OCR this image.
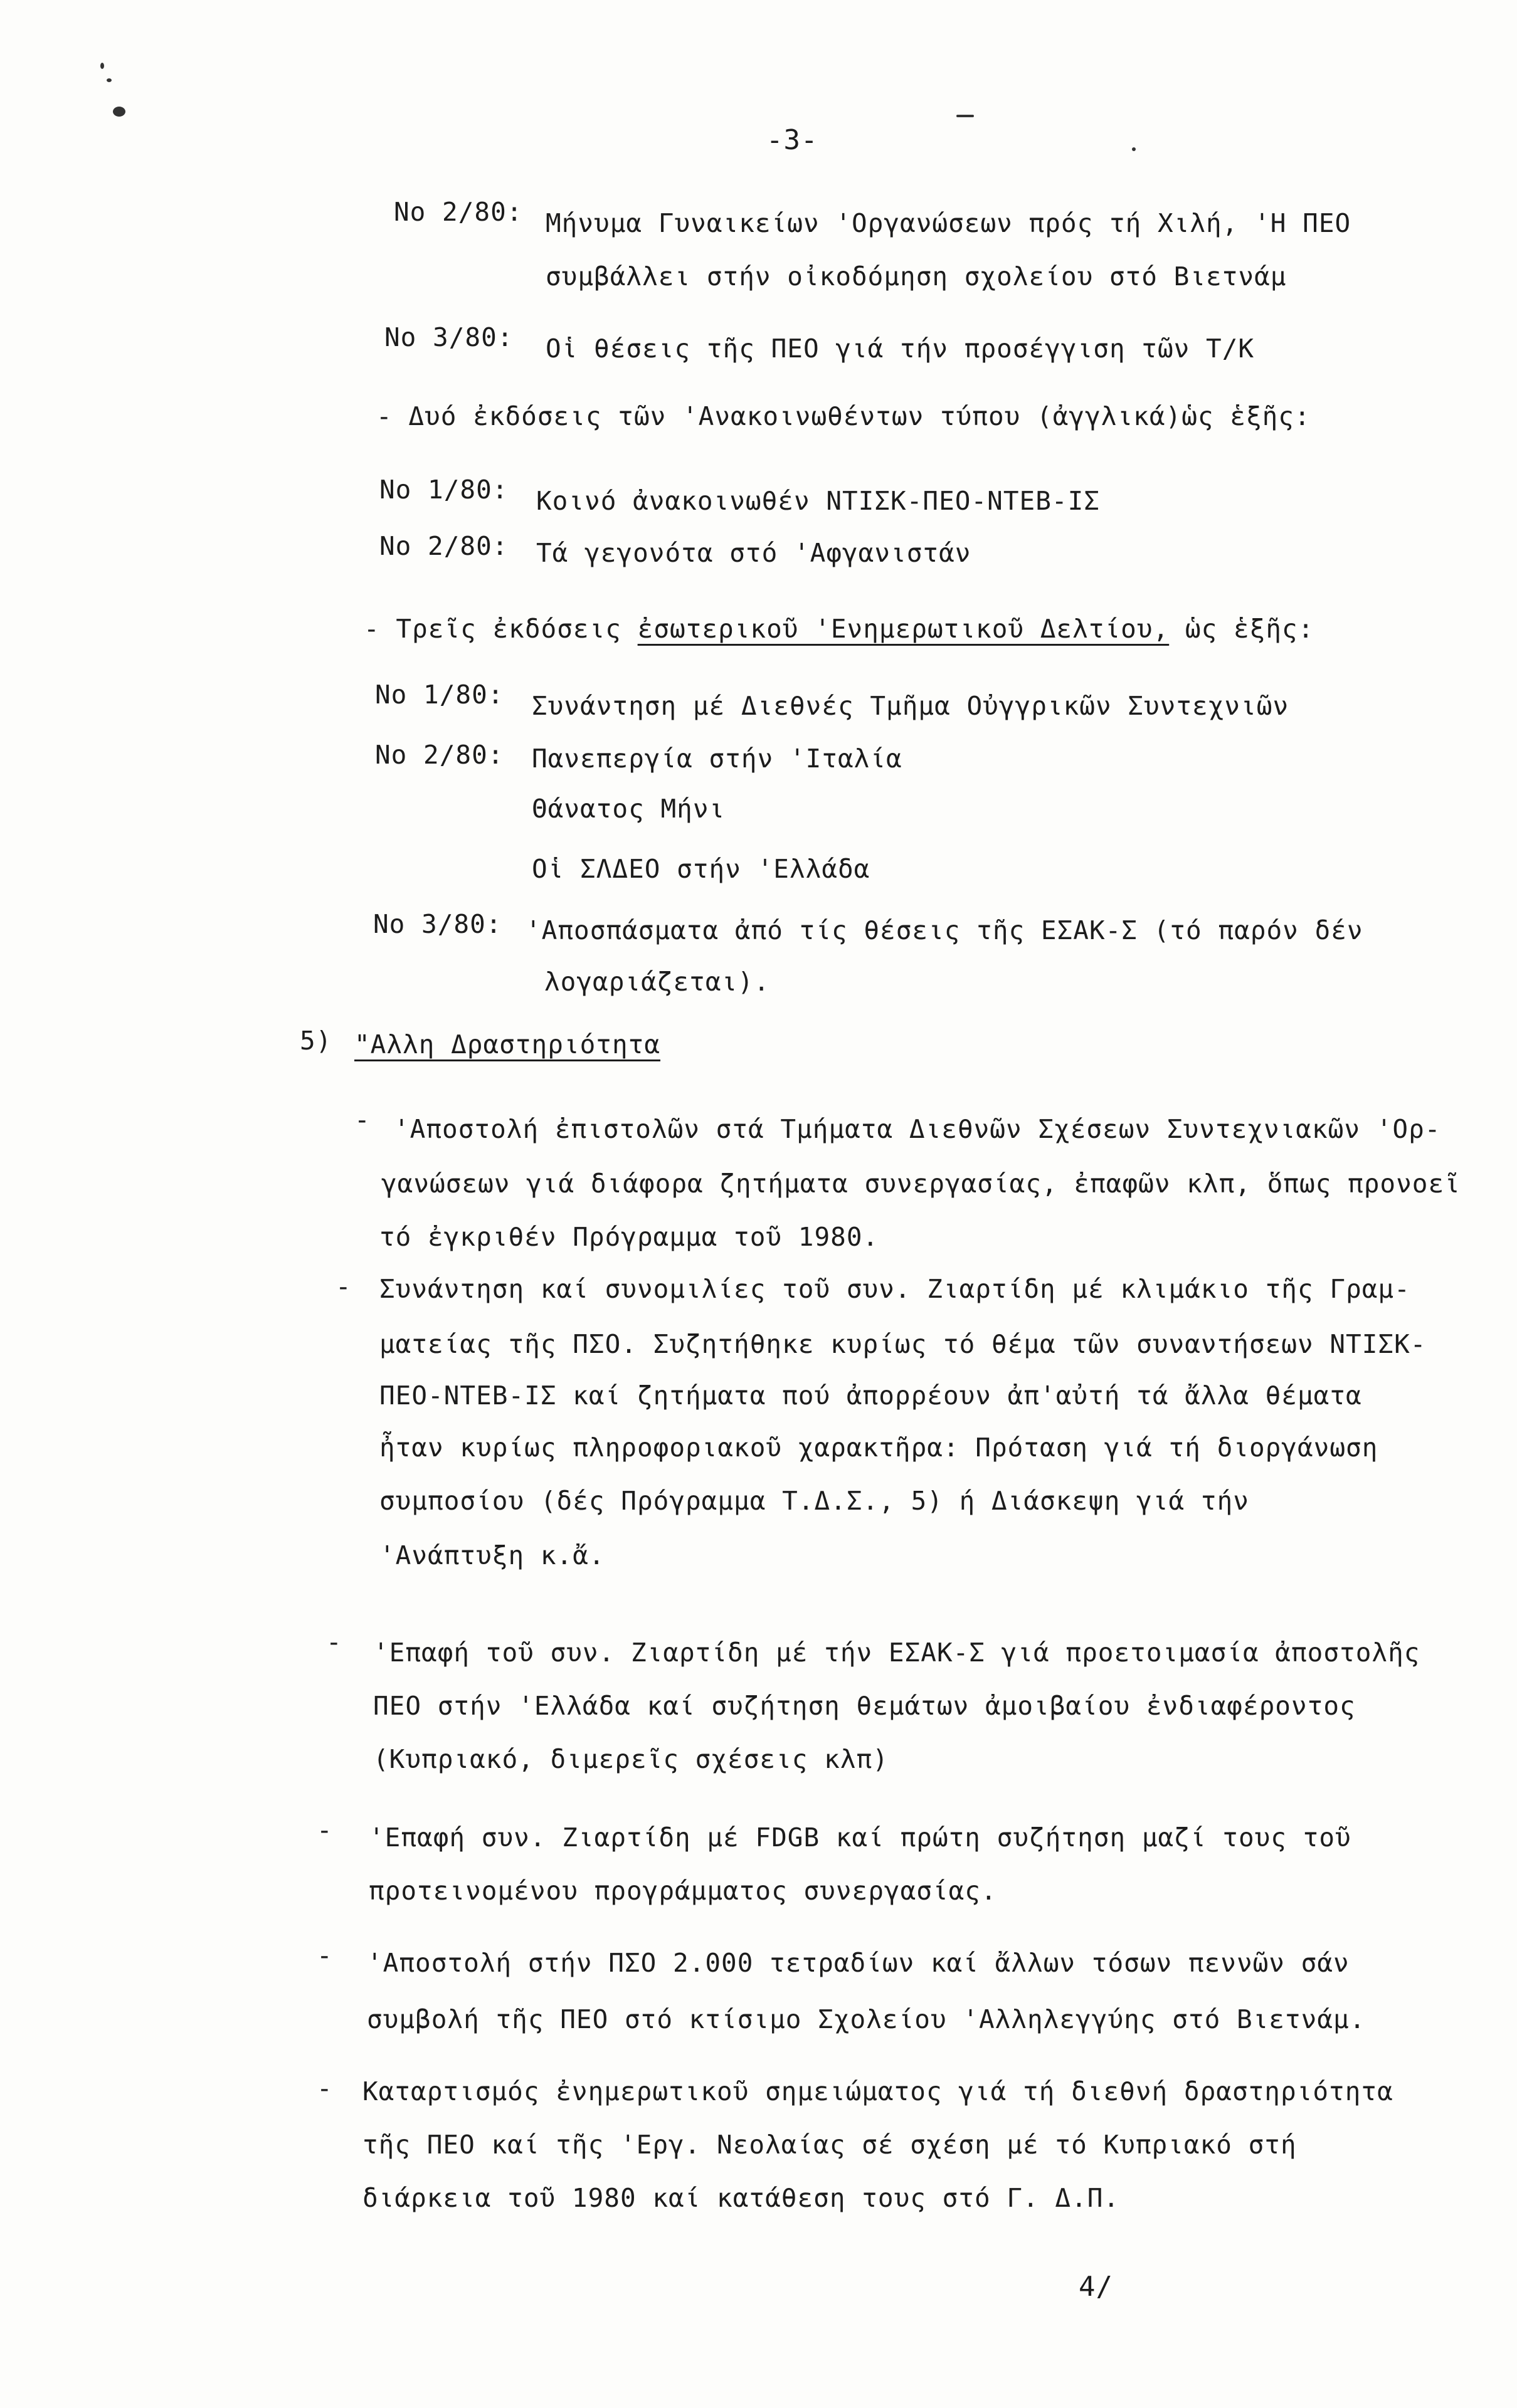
-3-
No 2/80: Μήνυμα Γυναικείων 'Οργανώσεων πρός τή Χιλή, 'Η ΠΕΟ
συμβάλλει στήν οἰκοδόμηση σχολείου στό Βιετνάμ
No 3/80: Οἱ θέσεις τῆς ΠΕΟ γιά τήν προσέγγιση τῶν Τ/Κ
- Δυό ἐκδόσεις τῶν 'Ανακοινωθέντων τύπου (ἀγγλικά)ὡς ἑξῆς:
No 1/80: Κοινό ἀνακοινωθέν ΝΤΙΣΚ-ΠΕΟ-ΝΤΕΒ-ΙΣ
No 2/80: Τά γεγονότα στό 'Αφγανιστάν
- Τρεῖς ἐκδόσεις ἐσωτερικοῦ 'Ενημερωτικοῦ Δελτίου, ὡς ἑξῆς:
No 1/80: Συνάντηση μέ Διεθνές Τμῆμα Οὐγγρικῶν Συντεχνιῶν
No 2/80: Πανεπεργία στήν 'Ιταλία
Θάνατος Μήνι
Οἱ ΣΛΔΕΟ στήν 'Ελλάδα
No 3/80: 'Αποσπάσματα ἀπό τίς θέσεις τῆς ΕΣΑΚ-Σ (τό παρόν δέν
λογαριάζεται).
5) "Αλλη Δραστηριότητα
- 'Αποστολή ἐπιστολῶν στά Τμήματα Διεθνῶν Σχέσεων Συντεχνιακῶν 'Ορ-
γανώσεων γιά διάφορα ζητήματα συνεργασίας, ἐπαφῶν κλπ, ὅπως προνοεῖ
τό ἐγκριθέν Πρόγραμμα τοῦ 1980.
- Συνάντηση καί συνομιλίες τοῦ συν. Ζιαρτίδη μέ κλιμάκιο τῆς Γραμ-
ματείας τῆς ΠΣΟ. Συζητήθηκε κυρίως τό θέμα τῶν συναντήσεων ΝΤΙΣΚ-
ΠΕΟ-ΝΤΕΒ-ΙΣ καί ζητήματα πού ἀπορρέουν ἀπ'αὐτή τά ἄλλα θέματα
ἦταν κυρίως πληροφοριακοῦ χαρακτῆρα: Πρόταση γιά τή διοργάνωση
συμποσίου (δές Πρόγραμμα Τ.Δ.Σ., 5) ή Διάσκεψη γιά τήν
'Ανάπτυξη κ.ἄ.
- 'Επαφή τοῦ συν. Ζιαρτίδη μέ τήν ΕΣΑΚ-Σ γιά προετοιμασία ἀποστολῆς
ΠΕΟ στήν 'Ελλάδα καί συζήτηση θεμάτων ἀμοιβαίου ἐνδιαφέροντος
(Κυπριακό, διμερεῖς σχέσεις κλπ)
- 'Επαφή συν. Ζιαρτίδη μέ FDGB καί πρώτη συζήτηση μαζί τους τοῦ
προτεινομένου προγράμματος συνεργασίας.
- 'Αποστολή στήν ΠΣΟ 2.000 τετραδίων καί ἄλλων τόσων πεννῶν σάν
συμβολή τῆς ΠΕΟ στό κτίσιμο Σχολείου 'Αλληλεγγύης στό Βιετνάμ.
- Καταρτισμός ἐνημερωτικοῦ σημειώματος γιά τή διεθνή δραστηριότητα
τῆς ΠΕΟ καί τῆς 'Εργ. Νεολαίας σέ σχέση μέ τό Κυπριακό στή
διάρκεια τοῦ 1980 καί κατάθεση τους στό Γ. Δ.Π.
4/
